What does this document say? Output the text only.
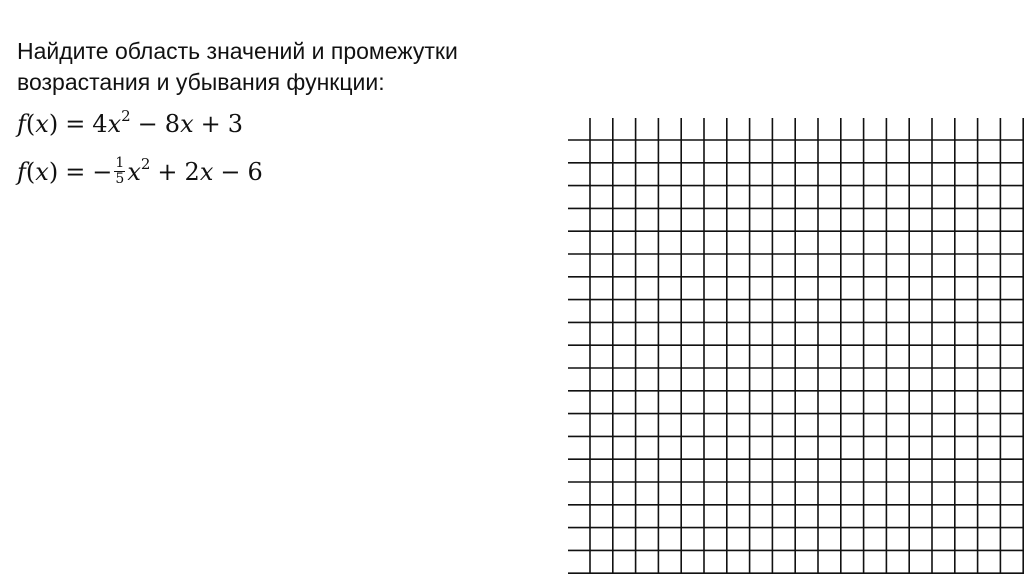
Найдите область значений и промежутки
возрастания и убывания функции:

$f(x) = 4x^2 - 8x + 3$
f(x) = − $\frac{1}{5} x^2 + 2x - 6$
